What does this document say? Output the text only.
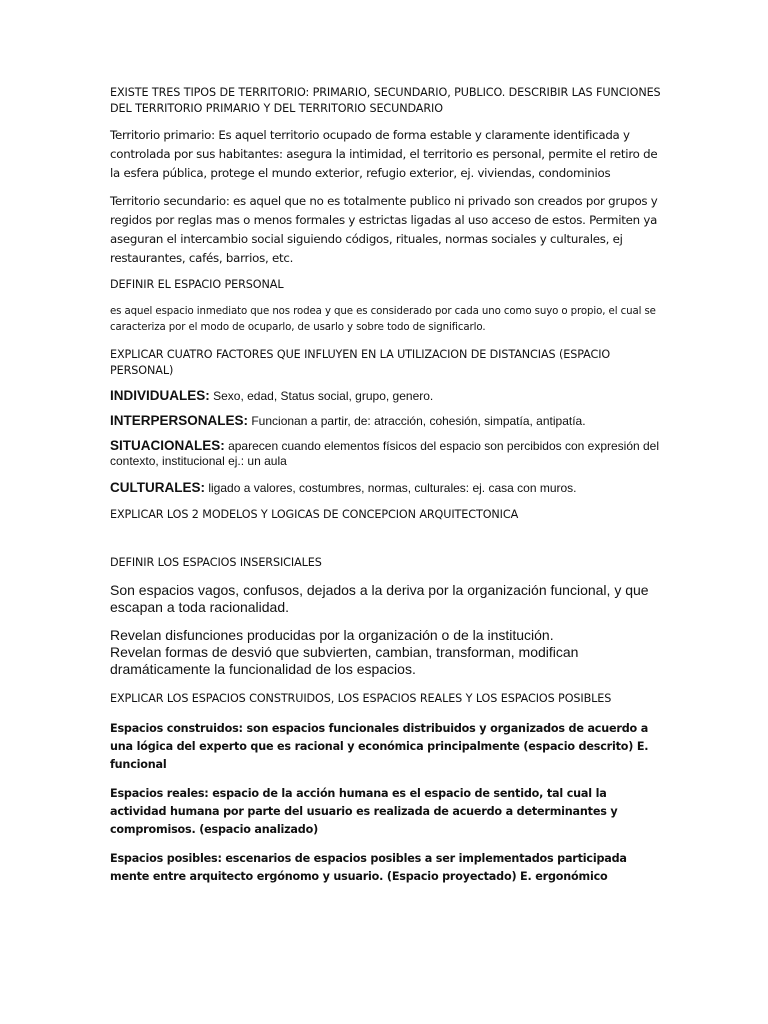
EXISTE TRES TIPOS DE TERRITORIO: PRIMARIO, SECUNDARIO, PUBLICO. DESCRIBIR LAS FUNCIONES DEL TERRITORIO PRIMARIO Y DEL TERRITORIO SECUNDARIO

Territorio primario: Es aquel territorio ocupado de forma estable y claramente identificada y controlada por sus habitantes: asegura la intimidad, el territorio es personal, permite el retiro de la esfera pública, protege el mundo exterior, refugio exterior, ej. viviendas, condominios

Territorio secundario: es aquel que no es totalmente publico ni privado son creados por grupos y regidos por reglas mas o menos formales y estrictas ligadas al uso acceso de estos. Permiten ya aseguran el intercambio social siguiendo códigos, rituales, normas sociales y culturales, ej restaurantes, cafés, barrios, etc.

DEFINIR EL ESPACIO PERSONAL

es aquel espacio inmediato que nos rodea y que es considerado por cada uno como suyo o propio, el cual se caracteriza por el modo de ocuparlo, de usarlo y sobre todo de significarlo.

EXPLICAR CUATRO FACTORES QUE INFLUYEN EN LA UTILIZACION DE DISTANCIAS (ESPACIO PERSONAL)

INDIVIDUALES: Sexo, edad, Status social, grupo, genero.

INTERPERSONALES: Funcionan a partir, de: atracción, cohesión, simpatía, antipatía.

SITUACIONALES: aparecen cuando elementos físicos del espacio son percibidos con expresión del contexto, institucional ej.: un aula

CULTURALES: ligado a valores, costumbres, normas, culturales: ej. casa con muros.

EXPLICAR LOS 2 MODELOS Y LOGICAS DE CONCEPCION ARQUITECTONICA

DEFINIR LOS ESPACIOS INSERSICIALES

Son espacios vagos, confusos, dejados a la deriva por la organización funcional, y que escapan a toda racionalidad.

Revelan disfunciones producidas por la organización o de la institución.

Revelan formas de desvió que subvierten, cambian, transforman, modifican dramáticamente la funcionalidad de los espacios.

EXPLICAR LOS ESPACIOS CONSTRUIDOS, LOS ESPACIOS REALES Y LOS ESPACIOS POSIBLES

Espacios construidos: son espacios funcionales distribuidos y organizados de acuerdo a una lógica del experto que es racional y económica principalmente (espacio descrito) E. funcional

Espacios reales: espacio de la acción humana es el espacio de sentido, tal cual la actividad humana por parte del usuario es realizada de acuerdo a determinantes y compromisos. (espacio analizado)

Espacios posibles: escenarios de espacios posibles a ser implementados participada mente entre arquitecto ergónomo y usuario. (Espacio proyectado) E. ergonómico
